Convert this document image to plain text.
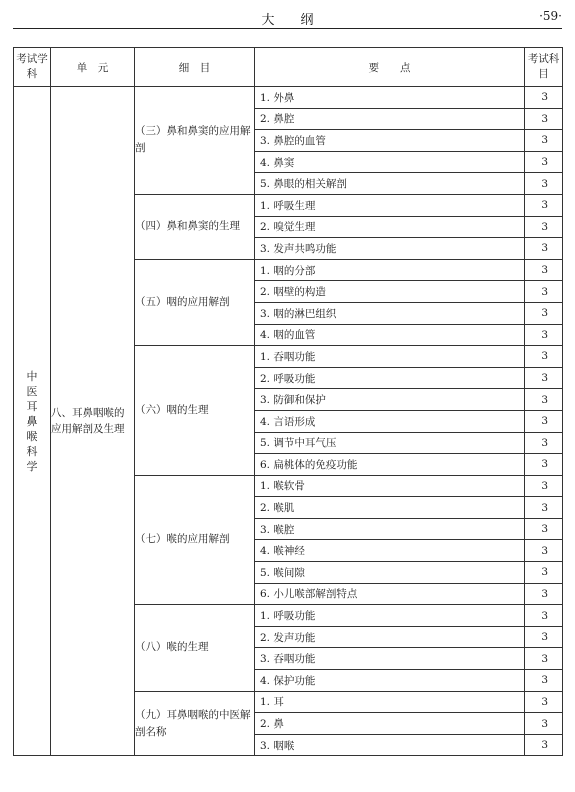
大纲	·59·
考试学科	单　元	细　目	要　　点	考试科目
中医耳鼻喉科学	八、耳鼻咽喉的应用解剖及生理	（三）鼻和鼻窦的应用解剖	1. 外鼻	3
			2. 鼻腔	3
			3. 鼻腔的血管	3
			4. 鼻窦	3
			5. 鼻眼的相关解剖	3
		（四）鼻和鼻窦的生理	1. 呼吸生理	3
			2. 嗅觉生理	3
			3. 发声共鸣功能	3
		（五）咽的应用解剖	1. 咽的分部	3
			2. 咽壁的构造	3
			3. 咽的淋巴组织	3
			4. 咽的血管	3
		（六）咽的生理	1. 吞咽功能	3
			2. 呼吸功能	3
			3. 防御和保护	3
			4. 言语形成	3
			5. 调节中耳气压	3
			6. 扁桃体的免疫功能	3
		（七）喉的应用解剖	1. 喉软骨	3
			2. 喉肌	3
			3. 喉腔	3
			4. 喉神经	3
			5. 喉间隙	3
			6. 小儿喉部解剖特点	3
		（八）喉的生理	1. 呼吸功能	3
			2. 发声功能	3
			3. 吞咽功能	3
			4. 保护功能	3
		（九）耳鼻咽喉的中医解剖名称	1. 耳	3
			2. 鼻	3
			3. 咽喉	3
